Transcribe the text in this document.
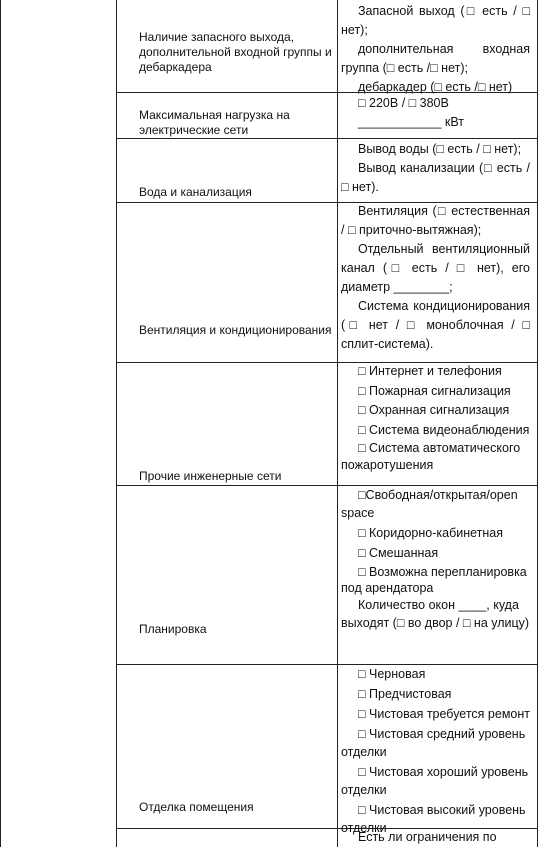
Наличие запасного выхода, дополнительной входной группы и дебаркадера

Запасной выход (□ есть / □ нет);

дополнительная входная группа (□ есть /□ нет);

дебаркадер (□ есть /□ нет)

Максимальная нагрузка на электрические сети

□ 220В / □ 380В

____________ кВт

Вода и канализация

Вывод воды (□ есть / □ нет);

Вывод канализации (□ есть / □ нет).

Вентиляция и кондиционирования

Вентиляция (□ естественная / □ приточно-вытяжная);

Отдельный вентиляционный канал (□ есть / □ нет), его диаметр ________;

Система кондиционирования (□ нет / □ моноблочная / □ сплит-система).

Прочие инженерные сети

□ Интернет и телефония

□ Пожарная сигнализация

□ Охранная сигнализация

□ Система видеонаблюдения

□ Система автоматического пожаротушения

Планировка

□Свободная/открытая/open space

□ Коридорно-кабинетная

□ Смешанная

□ Возможна перепланировка под арендатора

Количество окон ____, куда выходят (□ во двор / □ на улицу)

Отделка помещения

□ Черновая

□ Предчистовая

□ Чистовая требуется ремонт

□ Чистовая средний уровень отделки

□ Чистовая хороший уровень отделки

□ Чистовая высокий уровень отделки

Есть ли ограничения по
